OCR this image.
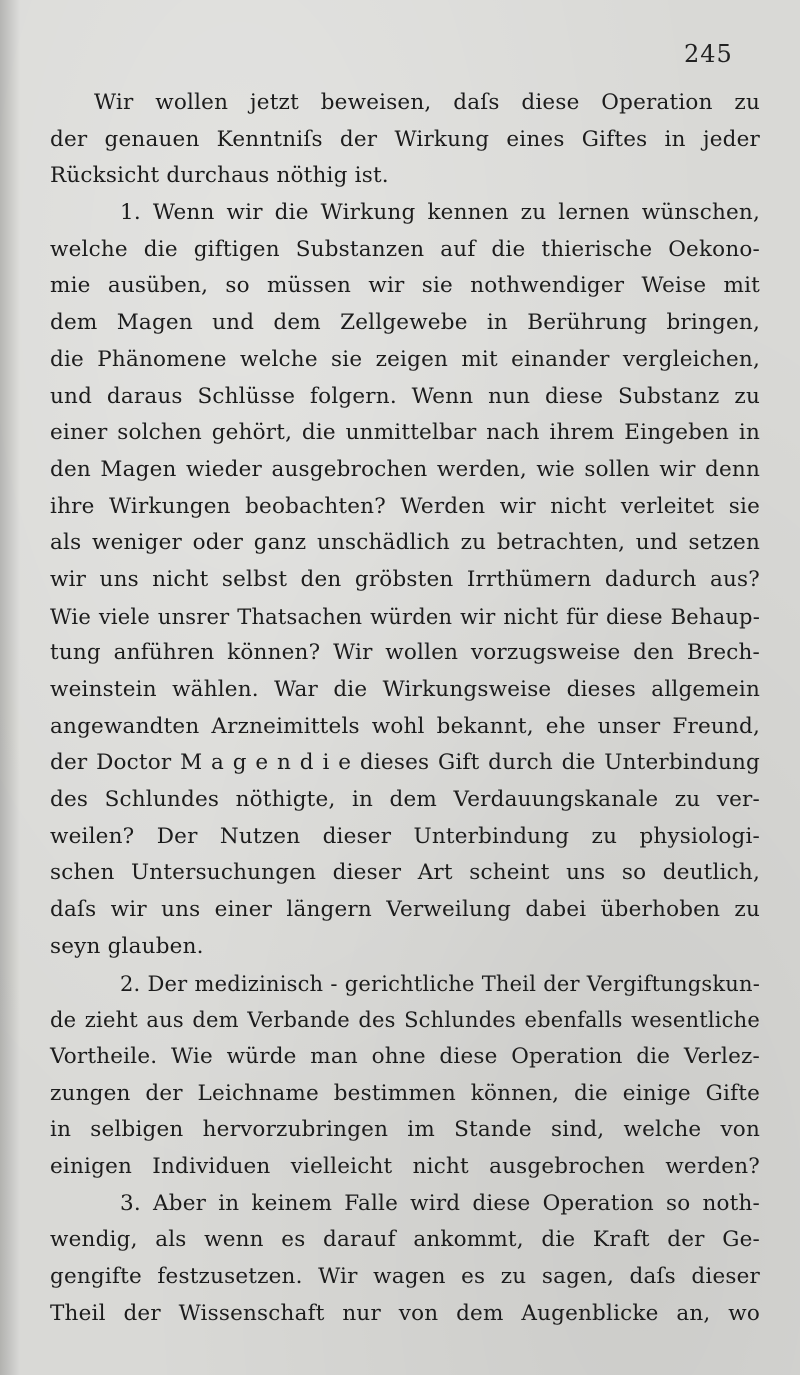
245
Wir wollen jetzt beweisen, daſs diese Operation zu
der genauen Kenntniſs der Wirkung eines Giftes in jeder
Rücksicht durchaus nöthig ist.
1. Wenn wir die Wirkung kennen zu lernen wünschen,
welche die giftigen Substanzen auf die thierische Oekono-
mie ausüben, so müssen wir sie nothwendiger Weise mit
dem Magen und dem Zellgewebe in Berührung bringen,
die Phänomene welche sie zeigen mit einander vergleichen,
und daraus Schlüsse folgern. Wenn nun diese Substanz zu
einer solchen gehört, die unmittelbar nach ihrem Eingeben in
den Magen wieder ausgebrochen werden, wie sollen wir denn
ihre Wirkungen beobachten? Werden wir nicht verleitet sie
als weniger oder ganz unschädlich zu betrachten, und setzen
wir uns nicht selbst den gröbsten Irrthümern dadurch aus?
Wie viele unsrer Thatsachen würden wir nicht für diese Behaup-
tung anführen können? Wir wollen vorzugsweise den Brech-
weinstein wählen. War die Wirkungsweise dieses allgemein
angewandten Arzneimittels wohl bekannt, ehe unser Freund,
der Doctor M a g e n d i e dieses Gift durch die Unterbindung
des Schlundes nöthigte, in dem Verdauungskanale zu ver-
weilen? Der Nutzen dieser Unterbindung zu physiologi-
schen Untersuchungen dieser Art scheint uns so deutlich,
daſs wir uns einer längern Verweilung dabei überhoben zu
seyn glauben.
2. Der medizinisch - gerichtliche Theil der Vergiftungskun-
de zieht aus dem Verbande des Schlundes ebenfalls wesentliche
Vortheile. Wie würde man ohne diese Operation die Verlez-
zungen der Leichname bestimmen können, die einige Gifte
in selbigen hervorzubringen im Stande sind, welche von
einigen Individuen vielleicht nicht ausgebrochen werden?
3. Aber in keinem Falle wird diese Operation so noth-
wendig, als wenn es darauf ankommt, die Kraft der Ge-
gengifte festzusetzen. Wir wagen es zu sagen, daſs dieser
Theil der Wissenschaft nur von dem Augenblicke an, wo
